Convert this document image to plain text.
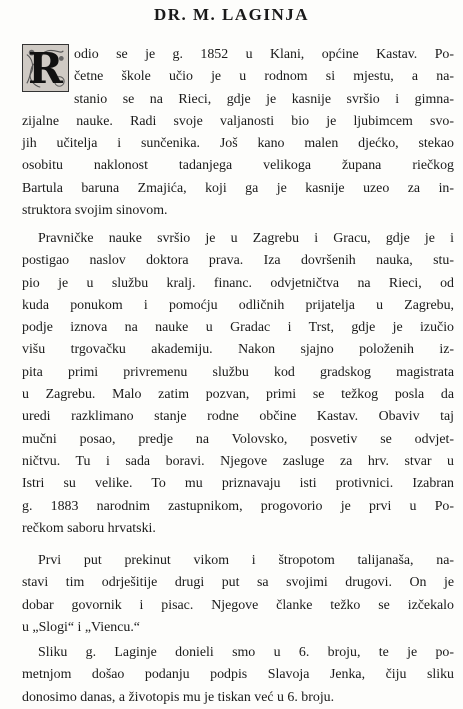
DR. M. LAGINJA
R odio se je g. 1852 u Klani, općine Kastav. Po-
četne škole učio je u rodnom si mjestu, a na-
stanio se na Rieci, gdje je kasnije svršio i gimna-
zijalne nauke. Radi svoje valjanosti bio je ljubimcem svo-
jih učitelja i sunčenika. Još kano malen djećko, stekao
osobitu naklonost tadanjega velikoga župana riečkog
Bartula baruna Zmajića, koji ga je kasnije uzeo za in-
struktora svojim sinovom.
Pravničke nauke svršio je u Zagrebu i Gracu, gdje je i
postigao naslov doktora prava. Iza dovršenih nauka, stu-
pio je u službu kralj. financ. odvjetničtva na Rieci, od
kuda ponukom i pomoćju odličnih prijatelja u Zagrebu,
podje iznova na nauke u Gradac i Trst, gdje je izučio
višu trgovačku akademiju. Nakon sjajno položenih iz-
pita primi privremenu službu kod gradskog magistrata
u Zagrebu. Malo zatim pozvan, primi se težkog posla da
uredi razklimano stanje rodne občine Kastav. Obaviv taj
mučni posao, predje na Volovsko, posvetiv se odvjet-
ničtvu. Tu i sada boravi. Njegove zasluge za hrv. stvar u
Istri su velike. To mu priznavaju isti protivnici. Izabran
g. 1883 narodnim zastupnikom, progovorio je prvi u Po-
rečkom saboru hrvatski.
Prvi put prekinut vikom i štropotom talijanaša, na-
stavi tim odrješitije drugi put sa svojimi drugovi. On je
dobar govornik i pisac. Njegove članke težko se izčekalo
u „Slogi“ i „Viencu.“
Sliku g. Laginje donieli smo u 6. broju, te je po-
metnjom došao podanju podpis Slavoja Jenka, čiju sliku
donosimo danas, a životopis mu je tiskan već u 6. broju.
